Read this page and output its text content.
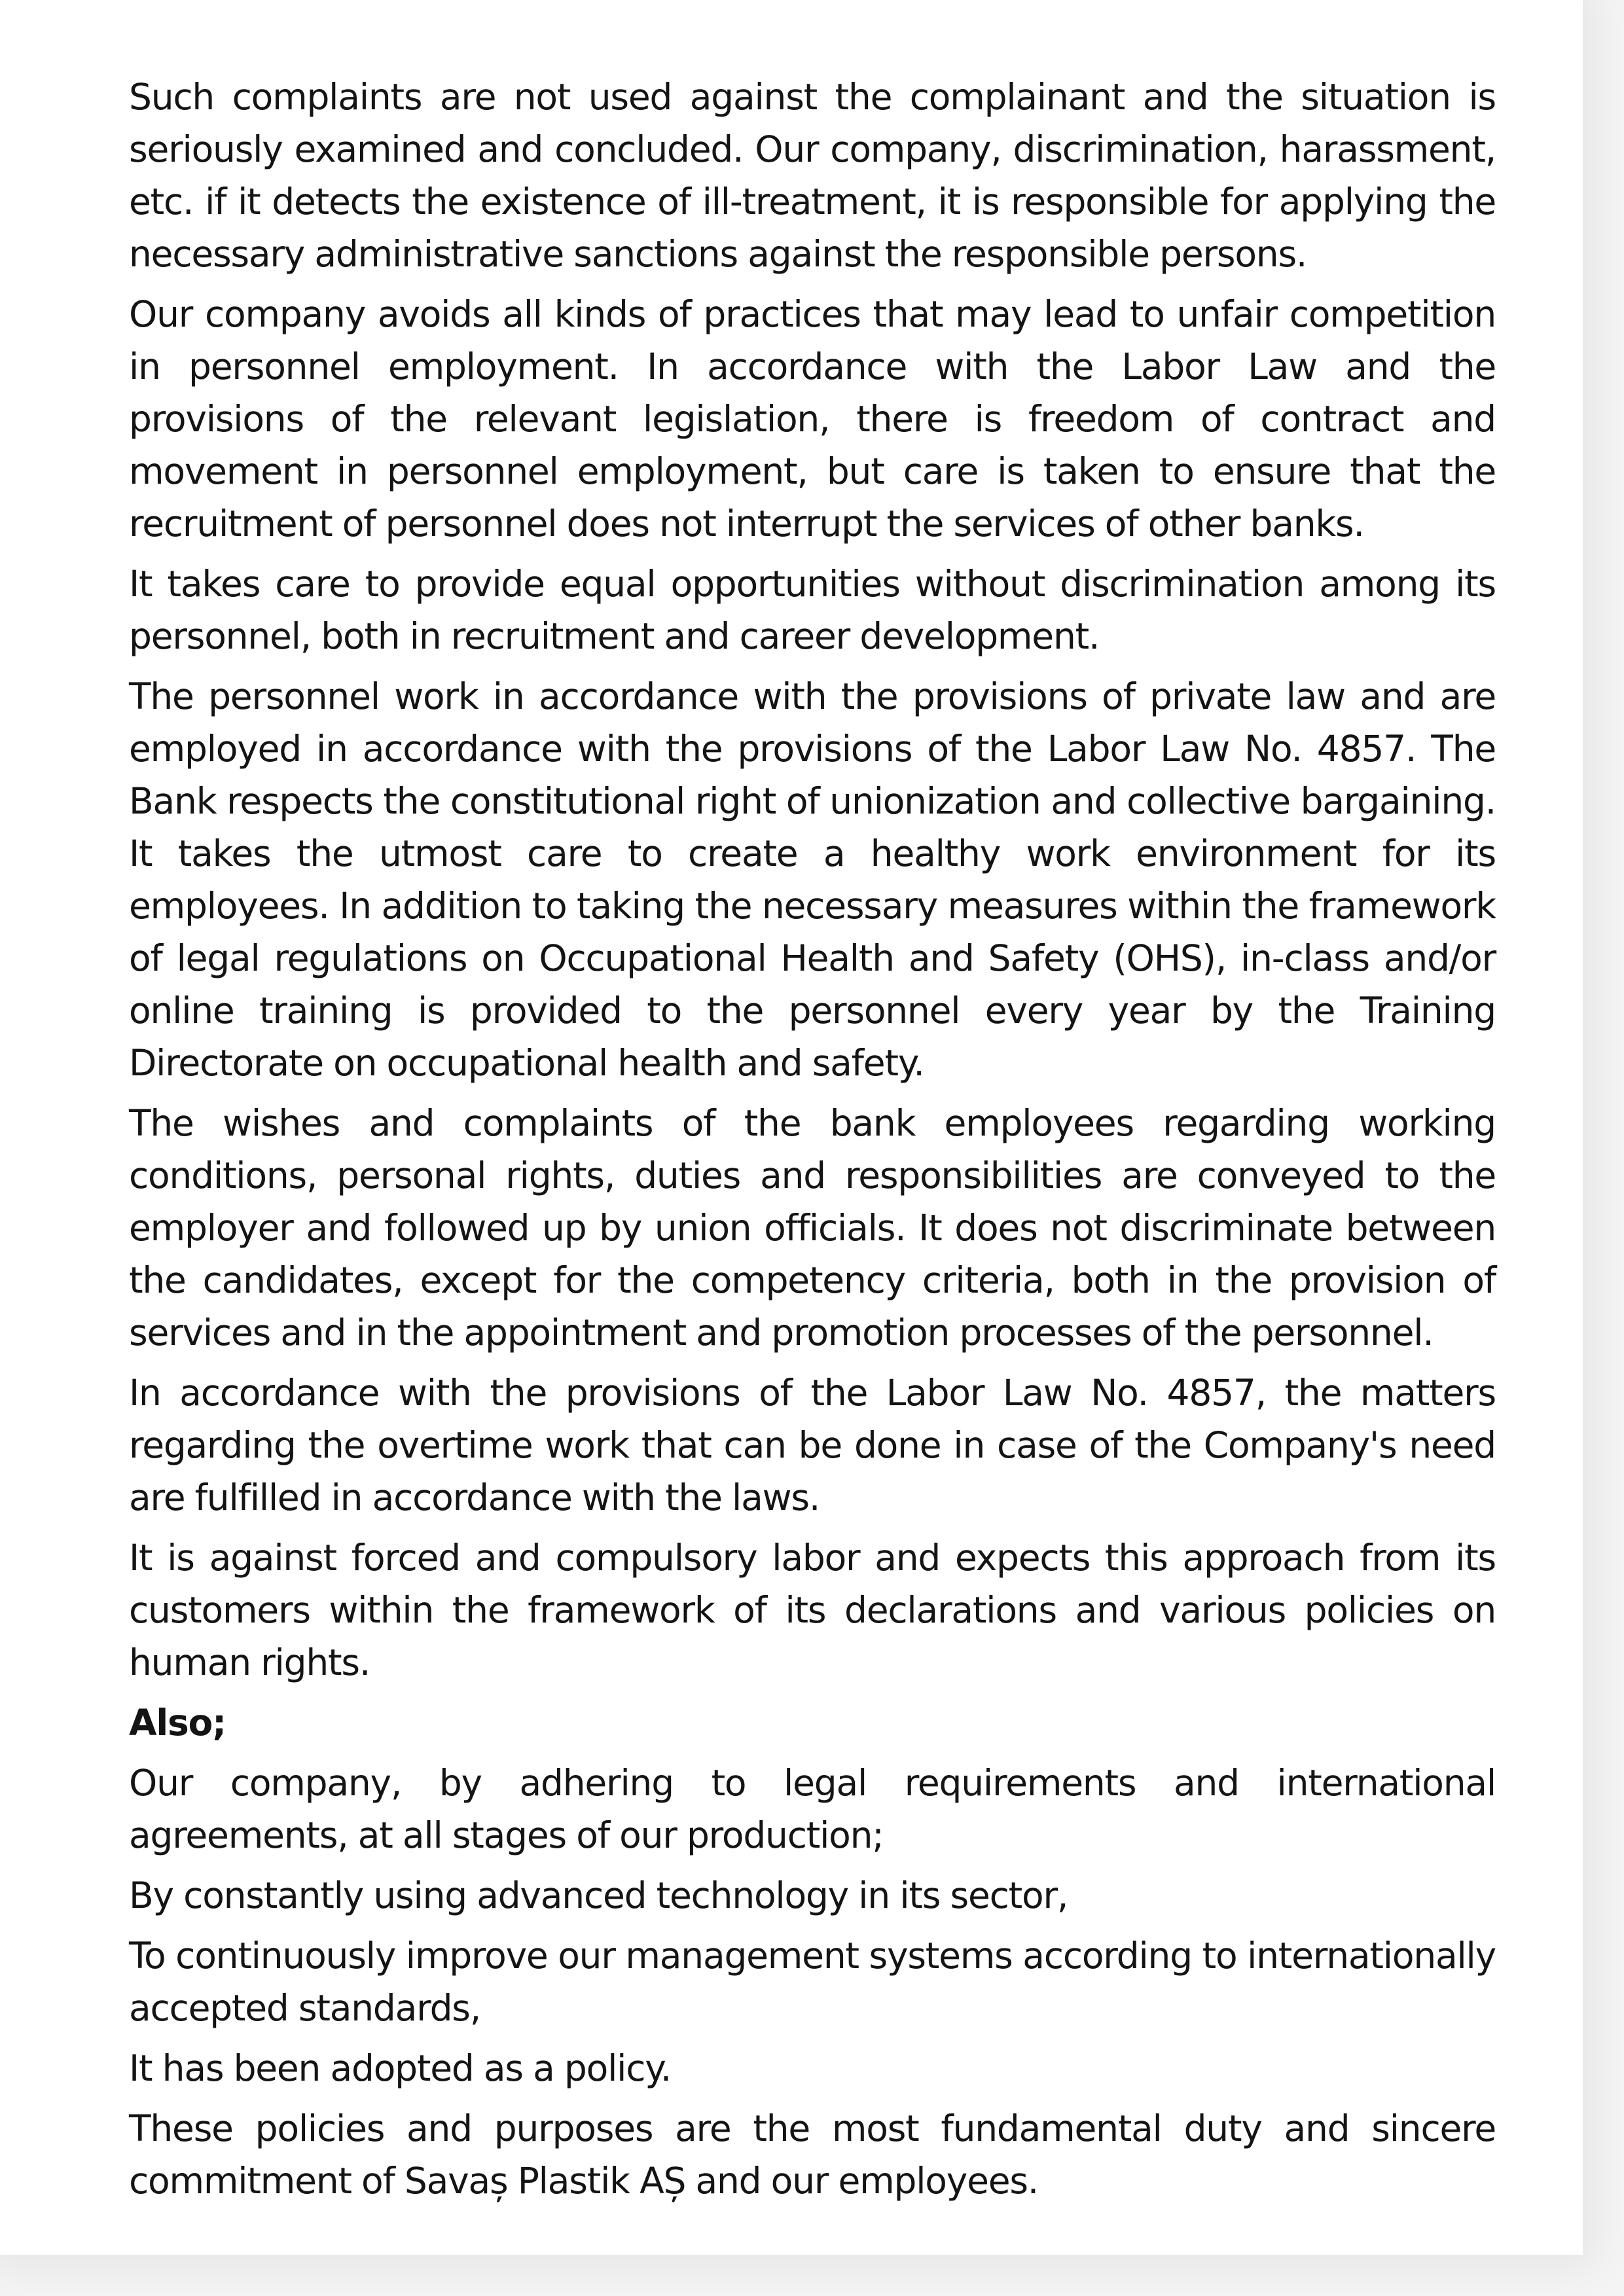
Such complaints are not used against the complainant and the situation is seriously examined and concluded. Our company, discrimination, harassment, etc. if it detects the existence of ill-treatment, it is responsible for applying the necessary administrative sanctions against the responsible persons.

Our company avoids all kinds of practices that may lead to unfair competition in personnel employment. In accordance with the Labor Law and the provisions of the relevant legislation, there is freedom of contract and movement in personnel employment, but care is taken to ensure that the recruitment of personnel does not interrupt the services of other banks.

It takes care to provide equal opportunities without discrimination among its personnel, both in recruitment and career development.

The personnel work in accordance with the provisions of private law and are employed in accordance with the provisions of the Labor Law No. 4857. The Bank respects the constitutional right of unionization and collective bargaining. It takes the utmost care to create a healthy work environment for its employees. In addition to taking the necessary measures within the framework of legal regulations on Occupational Health and Safety (OHS), in-class and/or online training is provided to the personnel every year by the Training Directorate on occupational health and safety.

The wishes and complaints of the bank employees regarding working conditions, personal rights, duties and responsibilities are conveyed to the employer and followed up by union officials. It does not discriminate between the candidates, except for the competency criteria, both in the provision of services and in the appointment and promotion processes of the personnel.

In accordance with the provisions of the Labor Law No. 4857, the matters regarding the overtime work that can be done in case of the Company's need are fulfilled in accordance with the laws.

It is against forced and compulsory labor and expects this approach from its customers within the framework of its declarations and various policies on human rights.

Also;

Our company, by adhering to legal requirements and international agreements, at all stages of our production;

By constantly using advanced technology in its sector,

To continuously improve our management systems according to internationally accepted standards,

It has been adopted as a policy.

These policies and purposes are the most fundamental duty and sincere commitment of Savaș Plastik AȘ and our employees.
